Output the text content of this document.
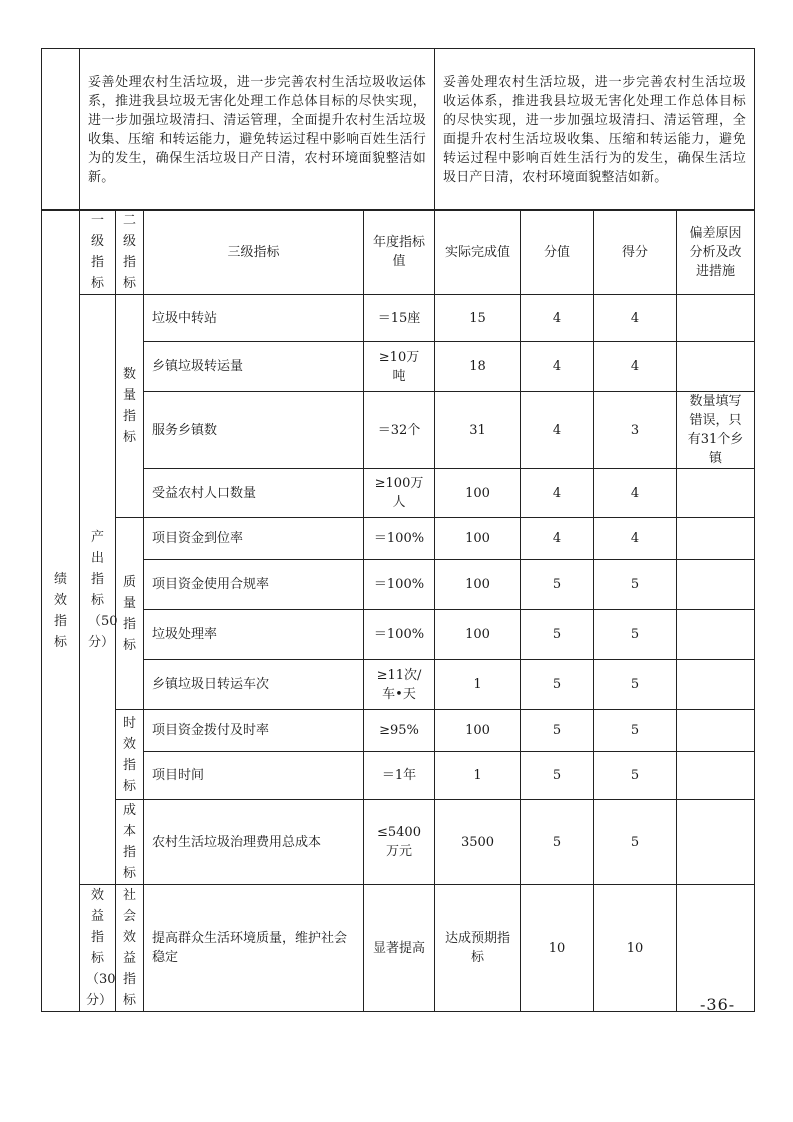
	妥善处理农村生活垃圾，进一步完善农村生活垃圾收运体系，推进我县垃圾无害化处理工作总体目标的尽快实现，进一步加强垃圾清扫、清运管理，全面提升农村生活垃圾收集、压缩 和转运能力，避免转运过程中影响百姓生活行为的发生，确保生活垃圾日产日清，农村环境面貌整洁如新。	妥善处理农村生活垃圾，进一步完善农村生活垃圾收运体系，推进我县垃圾无害化处理工作总体目标的尽快实现，进一步加强垃圾清扫、清运管理，全面提升农村生活垃圾收集、压缩和转运能力，避免转运过程中影响百姓生活行为的发生，确保生活垃圾日产日清，农村环境面貌整洁如新。
绩效指标	一级指标	二级指标	三级指标	年度指标值	实际完成值	分值	得分	偏差原因分析及改进措施
	产出指标（50分）	数量指标	垃圾中转站	＝15座	15	4	4	
			乡镇垃圾转运量	≥10万吨	18	4	4	
			服务乡镇数	＝32个	31	4	3	数量填写错误，只有31个乡镇
			受益农村人口数量	≥100万人	100	4	4	
		质量指标	项目资金到位率	＝100%	100	4	4	
			项目资金使用合规率	＝100%	100	5	5	
			垃圾处理率	＝100%	100	5	5	
			乡镇垃圾日转运车次	≥11次/车•天	1	5	5	
		时效指标	项目资金拨付及时率	≥95%	100	5	5	
			项目时间	＝1年	1	5	5	
		成本指标	农村生活垃圾治理费用总成本	≤5400万元	3500	5	5	
	效益指标（30分）	社会效益指标	提高群众生活环境质量，维护社会稳定	显著提高	达成预期指标	10	10	
-36-
